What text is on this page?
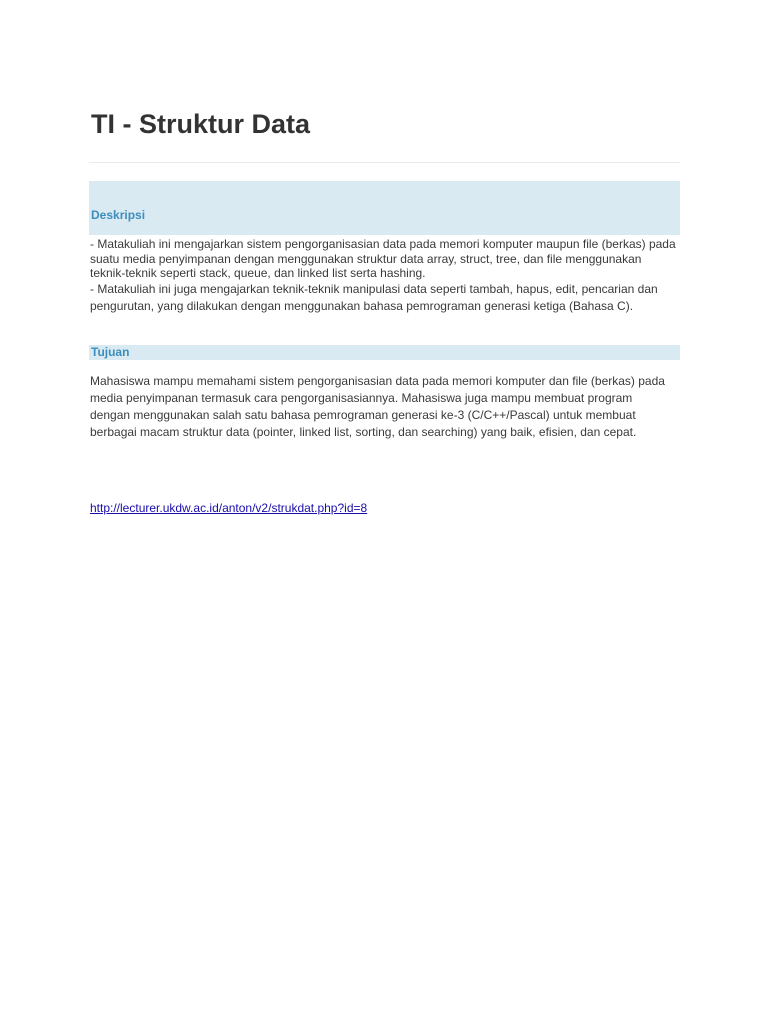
TI - Struktur Data
Deskripsi

- Matakuliah ini mengajarkan sistem pengorganisasian data pada memori komputer maupun file (berkas) pada suatu media penyimpanan dengan menggunakan struktur data array, struct, tree, dan file menggunakan teknik-teknik seperti stack, queue, dan linked list serta hashing.

- Matakuliah ini juga mengajarkan teknik-teknik manipulasi data seperti tambah, hapus, edit, pencarian dan pengurutan, yang dilakukan dengan menggunakan bahasa pemrograman generasi ketiga (Bahasa C).

Tujuan

Mahasiswa mampu memahami sistem pengorganisasian data pada memori komputer dan file (berkas) pada media penyimpanan termasuk cara pengorganisasiannya. Mahasiswa juga mampu membuat program dengan menggunakan salah satu bahasa pemrograman generasi ke-3 (C/C++/Pascal) untuk membuat berbagai macam struktur data (pointer, linked list, sorting, dan searching) yang baik, efisien, dan cepat.

http://lecturer.ukdw.ac.id/anton/v2/strukdat.php?id=8
